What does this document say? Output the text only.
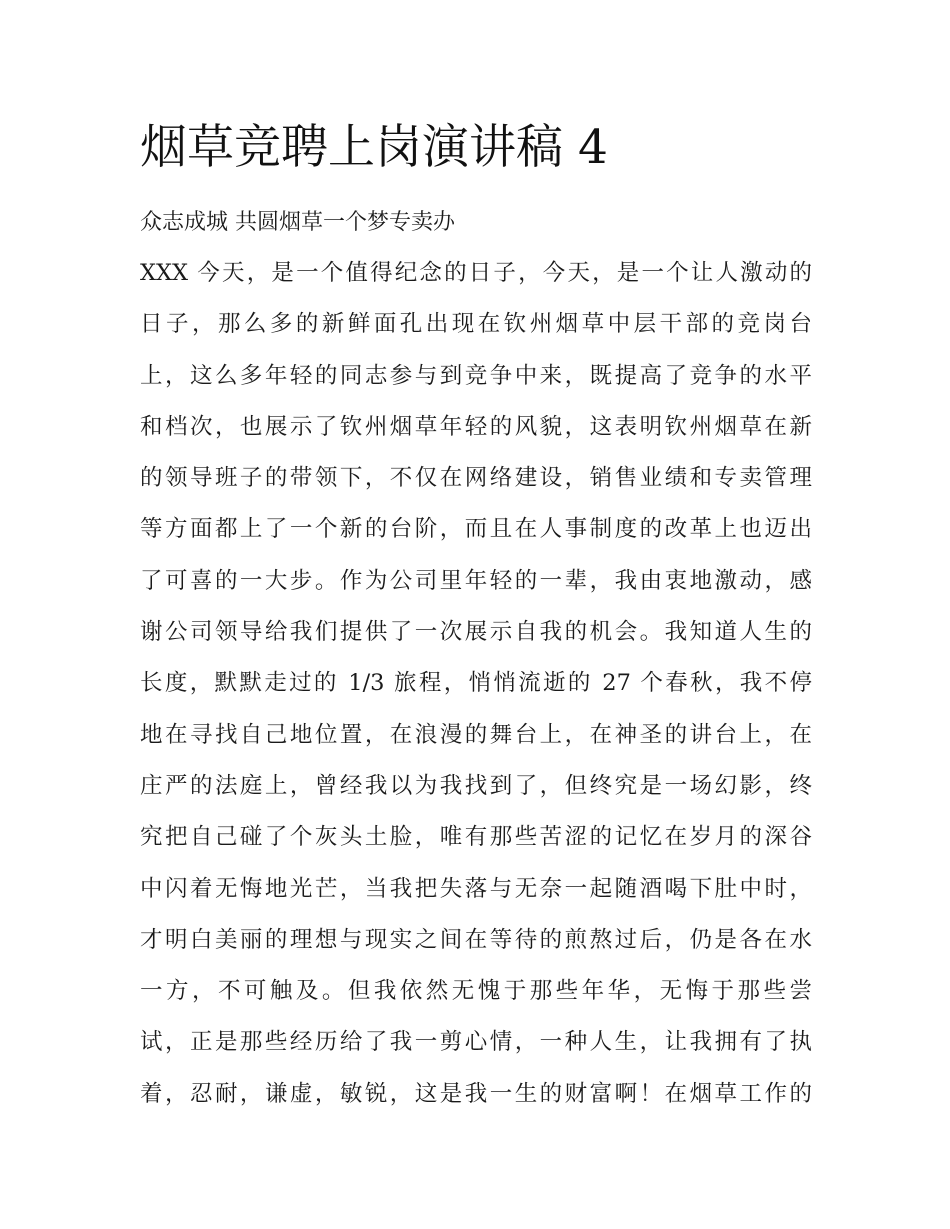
烟草竞聘上岗演讲稿 4

众志成城 共圆烟草一个梦专卖办

XXX 今天，是一个值得纪念的日子，今天，是一个让人激动的
日子，那么多的新鲜面孔出现在钦州烟草中层干部的竞岗台
上，这么多年轻的同志参与到竞争中来，既提高了竞争的水平
和档次，也展示了钦州烟草年轻的风貌，这表明钦州烟草在新
的领导班子的带领下，不仅在网络建设，销售业绩和专卖管理
等方面都上了一个新的台阶，而且在人事制度的改革上也迈出
了可喜的一大步。作为公司里年轻的一辈，我由衷地激动，感
谢公司领导给我们提供了一次展示自我的机会。我知道人生的
长度，默默走过的 1/3 旅程，悄悄流逝的 27 个春秋，我不停
地在寻找自己地位置，在浪漫的舞台上，在神圣的讲台上，在
庄严的法庭上，曾经我以为我找到了，但终究是一场幻影，终
究把自己碰了个灰头土脸，唯有那些苦涩的记忆在岁月的深谷
中闪着无悔地光芒，当我把失落与无奈一起随酒喝下肚中时，
才明白美丽的理想与现实之间在等待的煎熬过后，仍是各在水
一方，不可触及。但我依然无愧于那些年华，无悔于那些尝
试，正是那些经历给了我一剪心情，一种人生，让我拥有了执
着，忍耐，谦虚，敏锐，这是我一生的财富啊！在烟草工作的
